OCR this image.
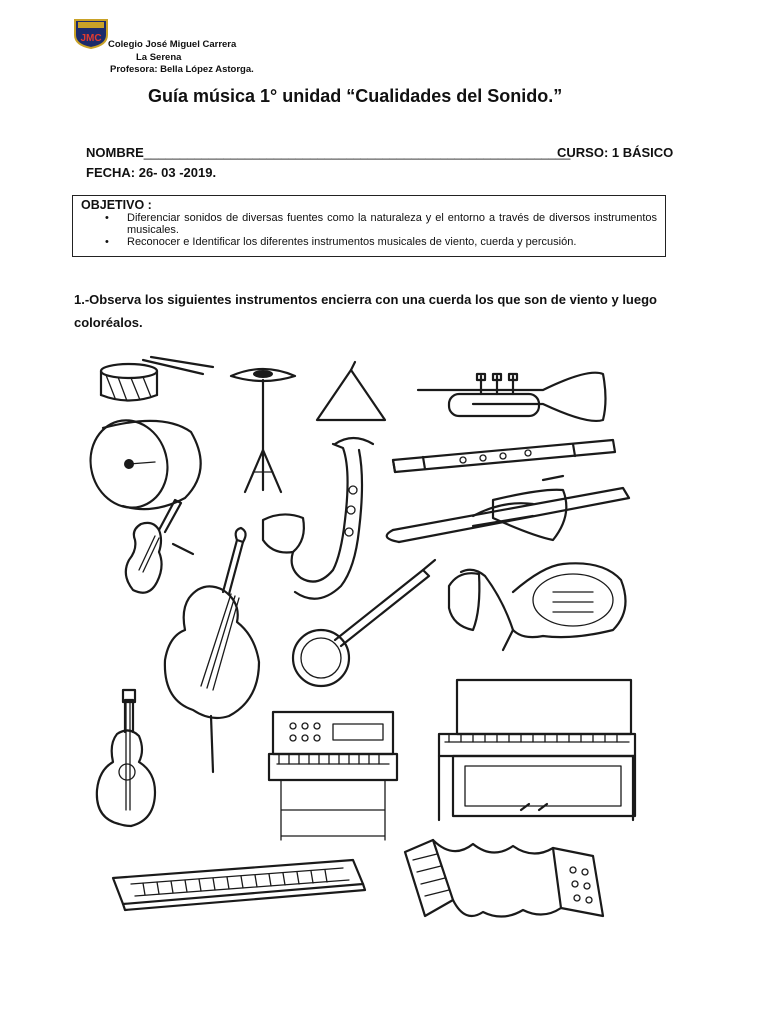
JMC
Colegio José Miguel Carrera
La Serena
Profesora: Bella López Astorga.
Guía música 1° unidad “Cualidades del Sonido.”
NOMBRE___________________________________________________________
CURSO: 1 BÁSICO
FECHA: 26- 03 -2019.
OBJETIVO :
• Diferenciar sonidos de diversas fuentes como la naturaleza y el entorno a través de diversos instrumentos musicales.
• Reconocer e Identificar los diferentes instrumentos musicales de viento, cuerda y percusión.
1.-Observa los siguientes instrumentos encierra con una cuerda los que son de viento y luego coloréalos.
